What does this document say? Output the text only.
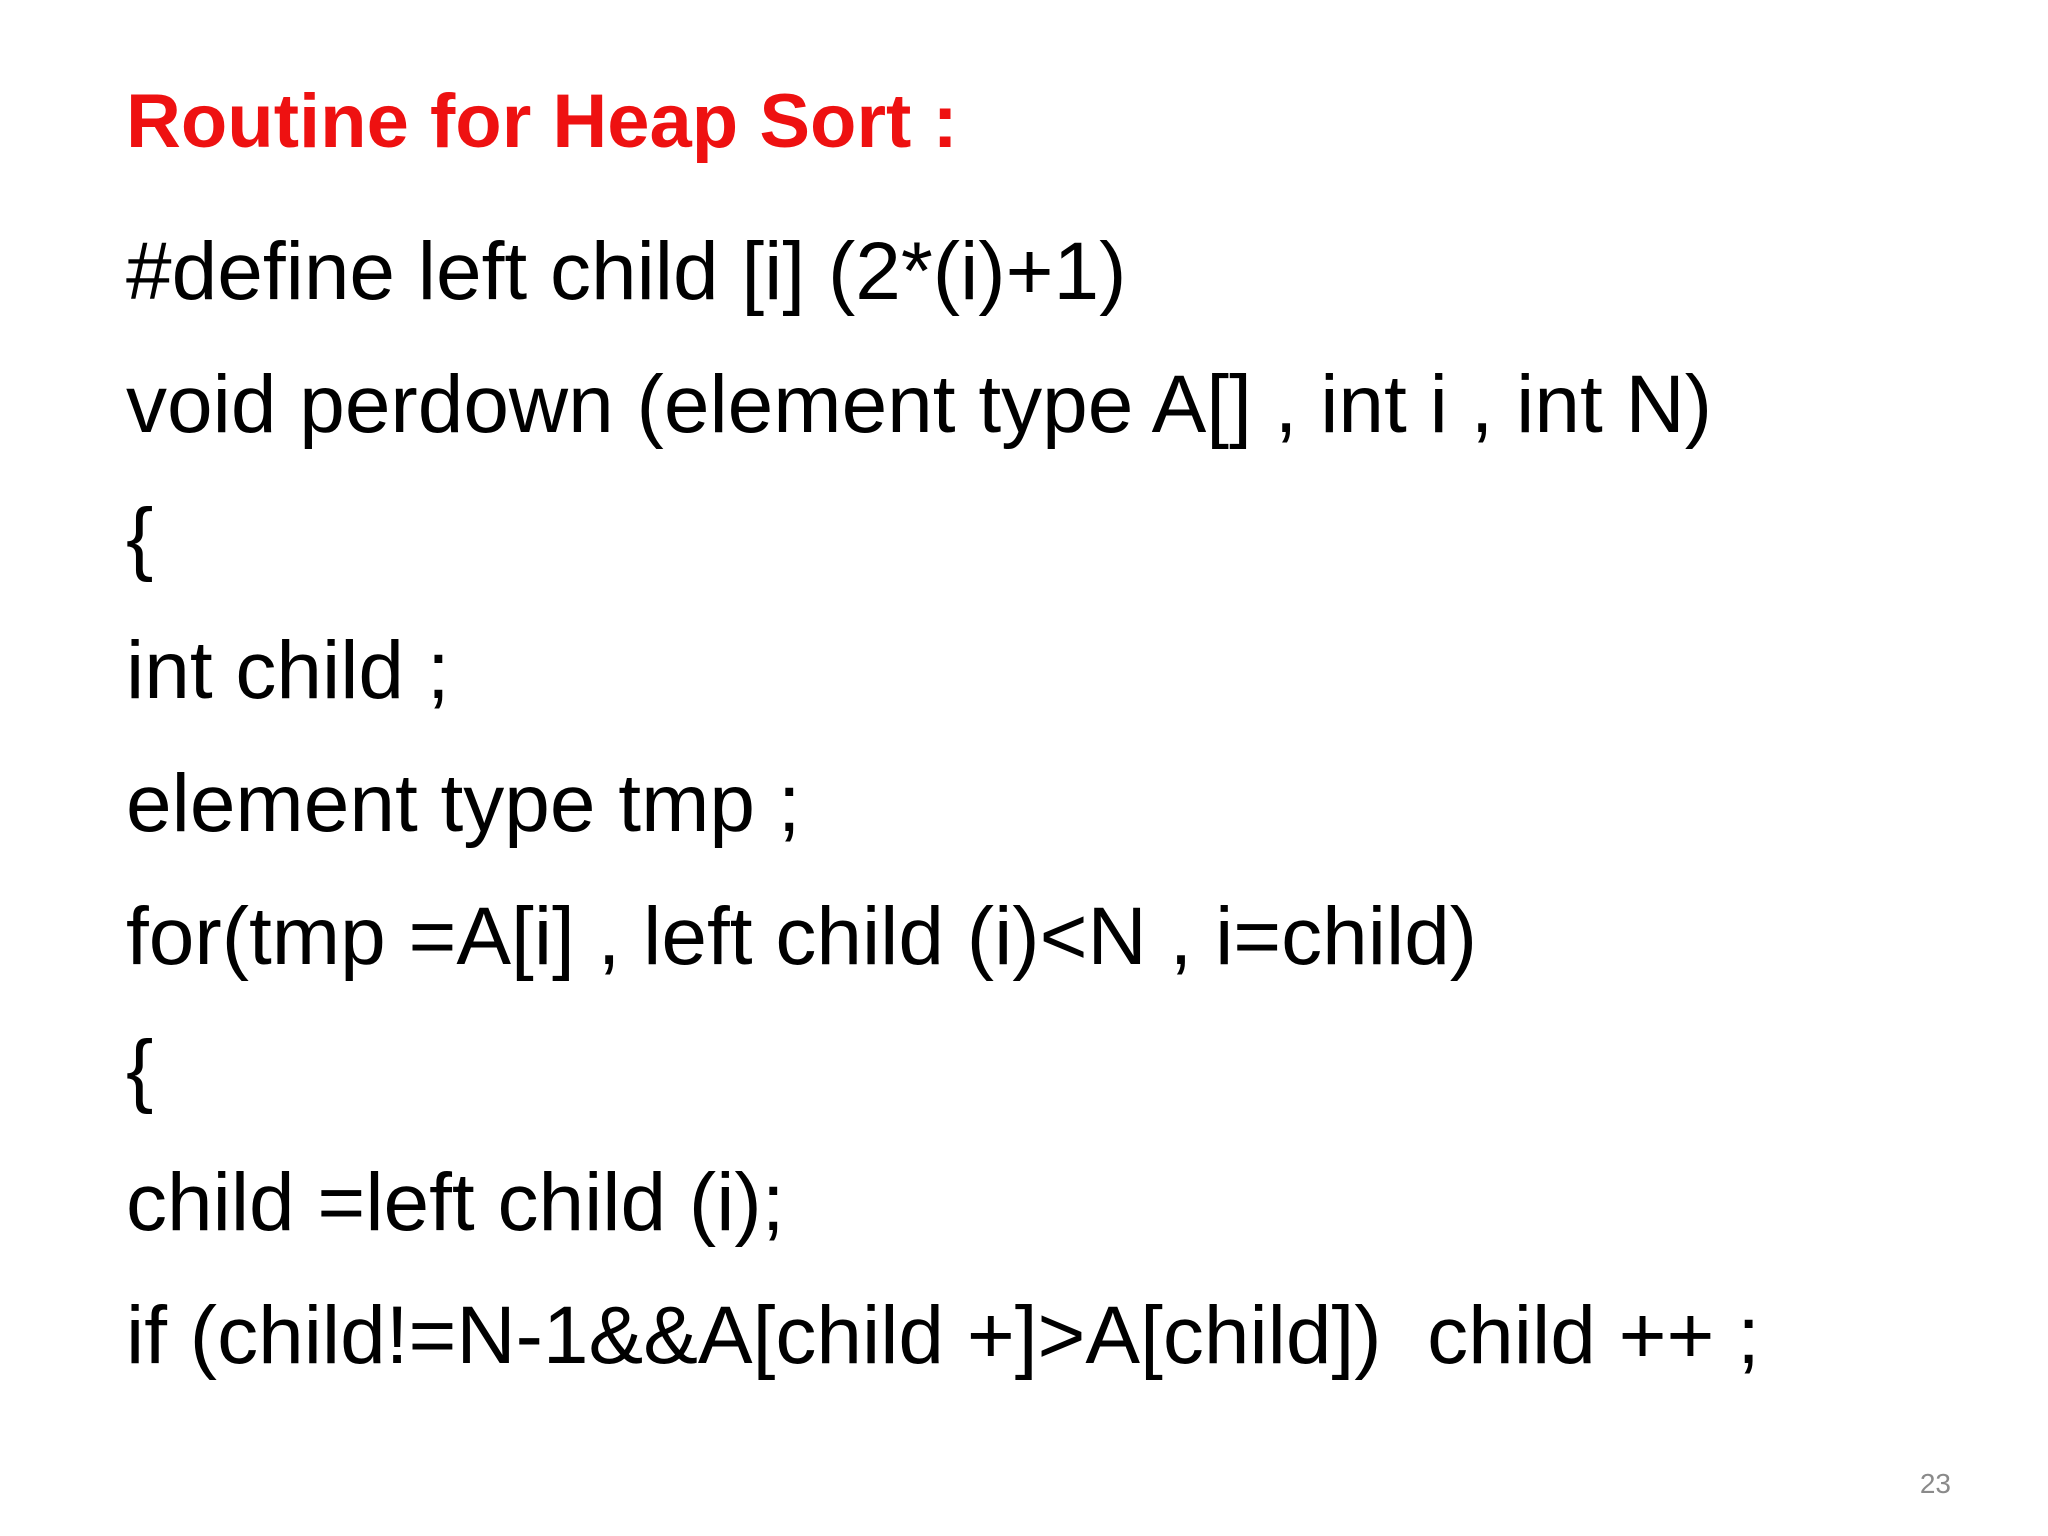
Routine for Heap Sort :
#define left child [i] (2*(i)+1)
void perdown (element type A[] , int i , int N)
{
int child ;
element type tmp ;
for(tmp =A[i] , left child (i)<N , i=child)
{
child =left child (i);
if (child!=N-1&&A[child +]>A[child])  child ++ ;
23
